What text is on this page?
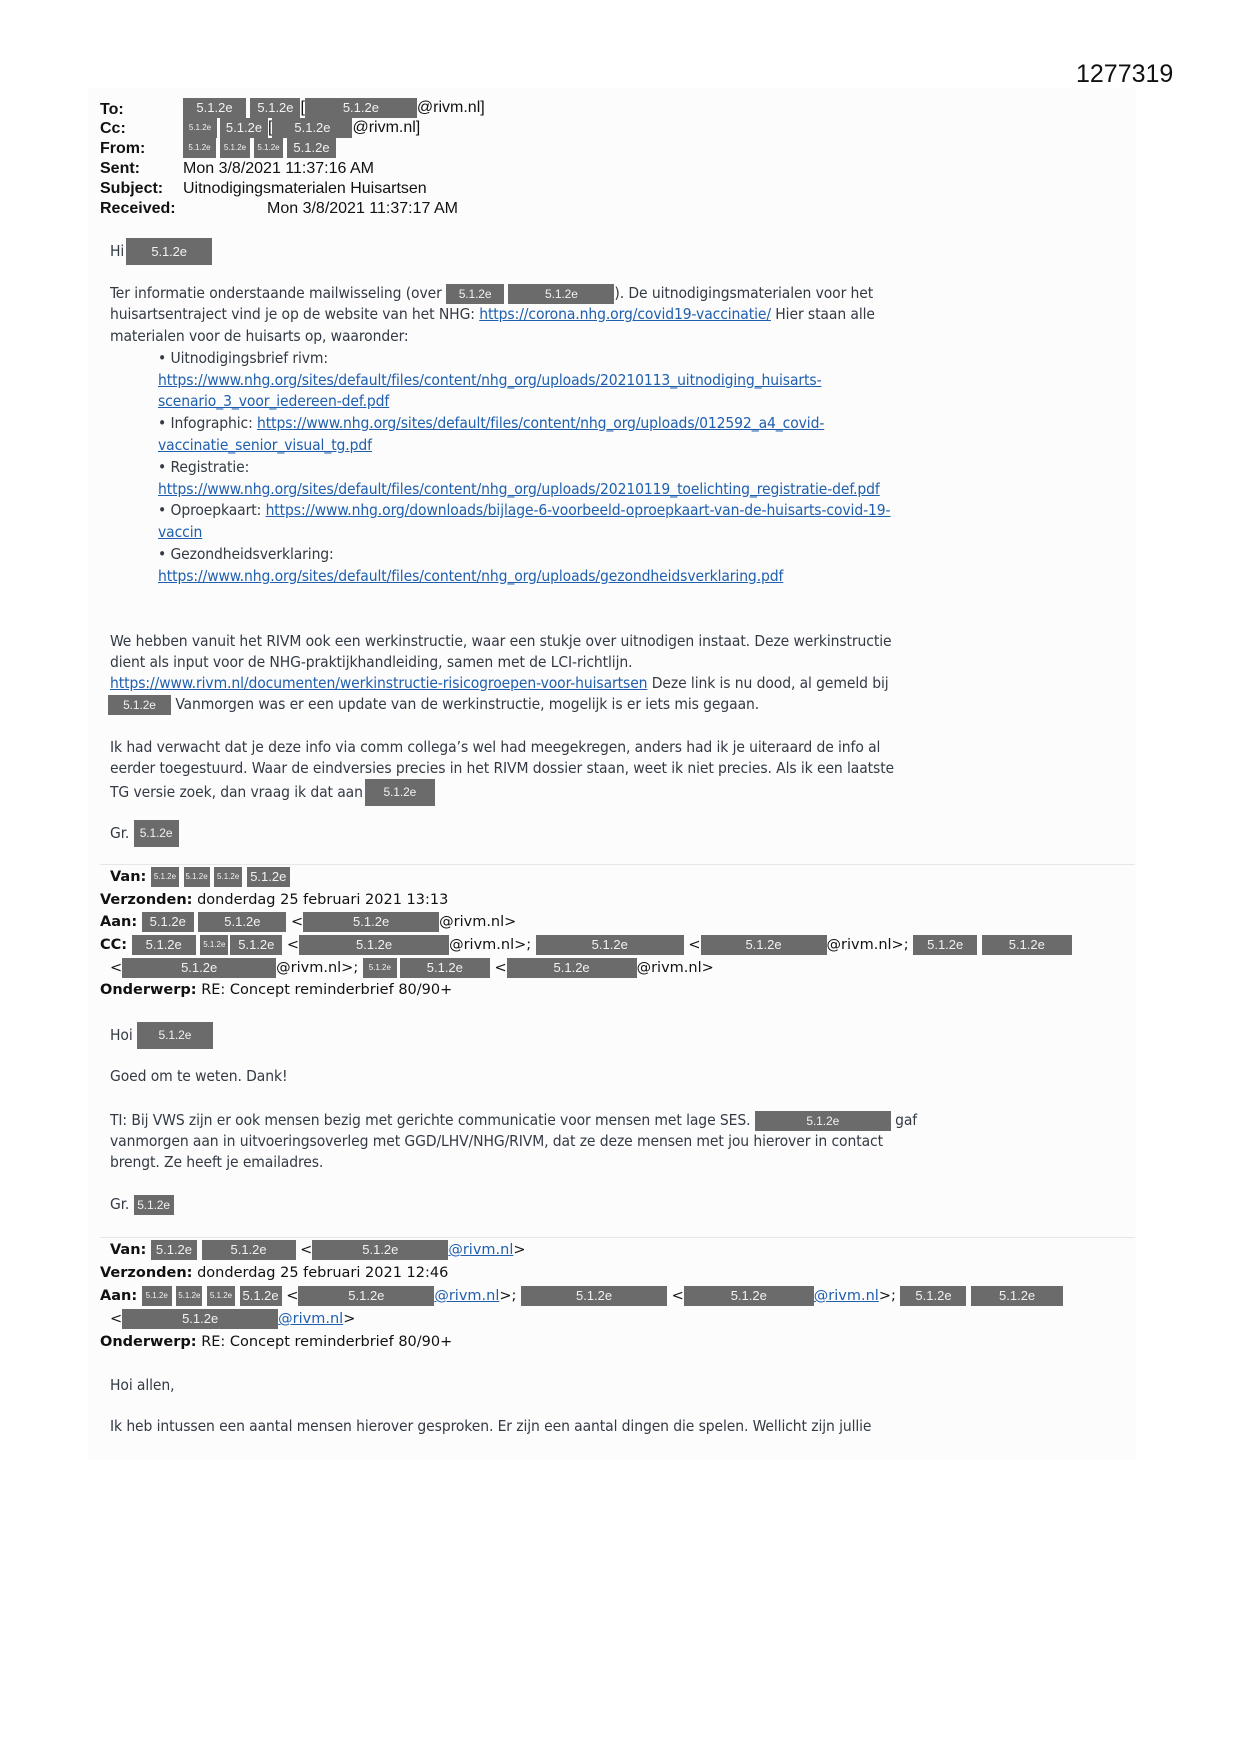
1277319
To:	5.1.2e 5.1.2e [	5.1.2e @rivm.nl]
Cc:	5.1.2e 5.1.2e [ 5.1.2e @rivm.nl]
From:	5.1.2e 5.1.2e 5.1.2e 5.1.2e
Sent:	Mon 3/8/2021 11:37:16 AM
Subject: Uitnodigingsmaterialen Huisartsen
Received:	Mon 3/8/2021 11:37:17 AM
Hi 5.1.2e
Ter informatie onderstaande mailwisseling (over 5.1.2e	5.1.2e ). De uitnodigingsmaterialen voor het
huisartsentraject vind je op de website van het NHG: https://corona.nhg.org/covid19-vaccinatie/ Hier staan alle
materialen voor de huisarts op, waaronder:
• Uitnodigingsbrief rivm:
https://www.nhg.org/sites/default/files/content/nhg_org/uploads/20210113_uitnodiging_huisarts-
scenario_3_voor_iedereen-def.pdf
• Infographic: https://www.nhg.org/sites/default/files/content/nhg_org/uploads/012592_a4_covid-
vaccinatie_senior_visual_tg.pdf
• Registratie:
https://www.nhg.org/sites/default/files/content/nhg_org/uploads/20210119_toelichting_registratie-def.pdf
• Oproepkaart: https://www.nhg.org/downloads/bijlage-6-voorbeeld-oproepkaart-van-de-huisarts-covid-19-
vaccin
• Gezondheidsverklaring:
https://www.nhg.org/sites/default/files/content/nhg_org/uploads/gezondheidsverklaring.pdf
We hebben vanuit het RIVM ook een werkinstructie, waar een stukje over uitnodigen instaat. Deze werkinstructie
dient als input voor de NHG-praktijkhandleiding, samen met de LCI-richtlijn.
https://www.rivm.nl/documenten/werkinstructie-risicogroepen-voor-huisartsen Deze link is nu dood, al gemeld bij
5.1.2e Vanmorgen was er een update van de werkinstructie, mogelijk is er iets mis gegaan.
Ik had verwacht dat je deze info via comm collega’s wel had meegekregen, anders had ik je uiteraard de info al
eerder toegestuurd. Waar de eindversies precies in het RIVM dossier staan, weet ik niet precies. Als ik een laatste
TG versie zoek, dan vraag ik dat aan 5.1.2e
Gr. 5.1.2e
Van: 5.1.2e 5.1.2e 5.1.2e 5.1.2e
Verzonden: donderdag 25 februari 2021 13:13
Aan: 5.1.2e	5.1.2e <	5.1.2e	@rivm.nl>
CC: 5.1.2e	5.1.2e 5.1.2e <	5.1.2e	@rivm.nl>;	5.1.2e	<	5.1.2e	@rivm.nl>; 5.1.2e	5.1.2e
<	5.1.2e	@rivm.nl>; 5.1.2e	5.1.2e <	5.1.2e	@rivm.nl>
Onderwerp: RE: Concept reminderbrief 80/90+
Hoi 5.1.2e
Goed om te weten. Dank!
TI: Bij VWS zijn er ook mensen bezig met gerichte communicatie voor mensen met lage SES.	5.1.2e	gaf
vanmorgen aan in uitvoeringsoverleg met GGD/LHV/NHG/RIVM, dat ze deze mensen met jou hierover in contact
brengt. Ze heeft je emailadres.
Gr. 5.1.2e
Van: 5.1.2e	5.1.2e <	5.1.2e	@rivm.nl>
Verzonden: donderdag 25 februari 2021 12:46
Aan: 5.1.2e 5.1.2e 5.1.2e 5.1.2e <	5.1.2e	@rivm.nl>;	5.1.2e	<	5.1.2e	@rivm.nl>; 5.1.2e	5.1.2e
<	5.1.2e	@rivm.nl>
Onderwerp: RE: Concept reminderbrief 80/90+
Hoi allen,
Ik heb intussen een aantal mensen hierover gesproken. Er zijn een aantal dingen die spelen. Wellicht zijn jullie
